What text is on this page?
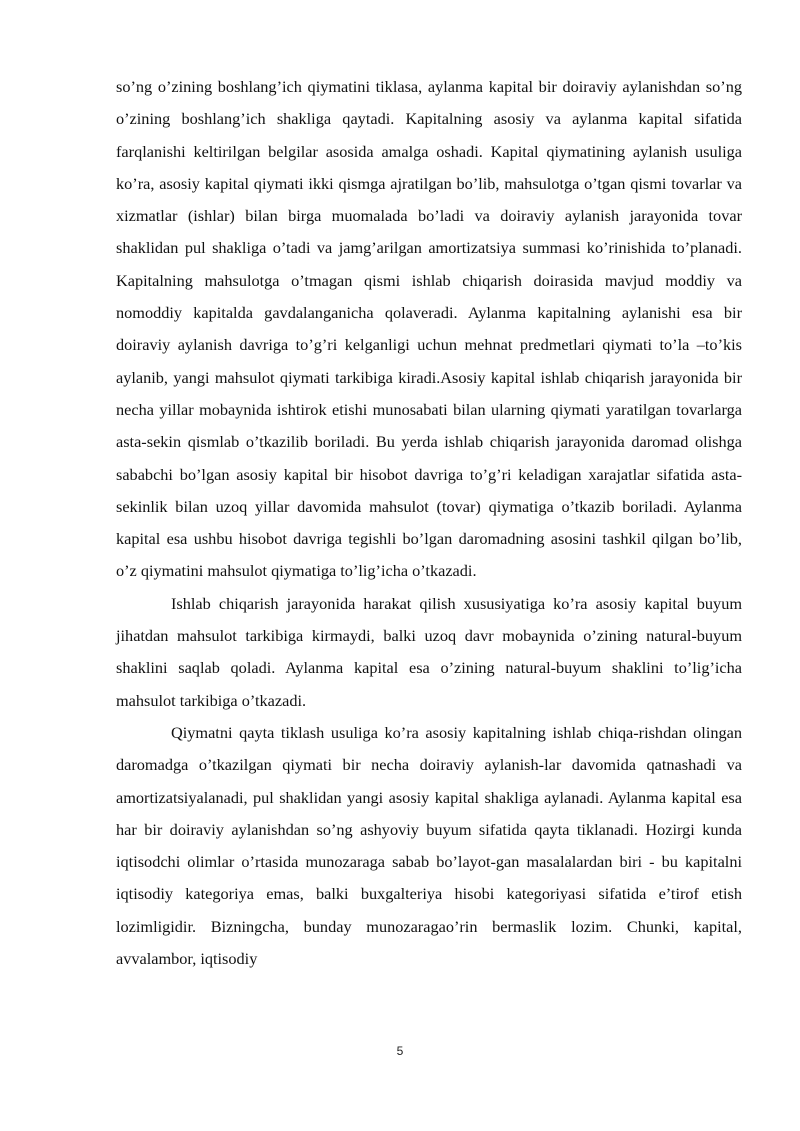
so’ng o’zining boshlang’ich qiymatini tiklasa, aylanma kapital bir doiraviy aylanishdan so’ng o’zining boshlang’ich shakliga qaytadi. Kapitalning asosiy va aylanma kapital sifatida farqlanishi keltirilgan belgilar asosida amalga oshadi. Kapital qiymatining aylanish usuliga ko’ra, asosiy kapital qiymati ikki qismga ajratilgan bo’lib, mahsulotga o’tgan qismi tovarlar va xizmatlar (ishlar) bilan birga muomalada bo’ladi va doiraviy aylanish jarayonida tovar shaklidan pul shakliga o’tadi va jamg’arilgan amortizatsiya summasi ko’rinishida to’planadi. Kapitalning mahsulotga o’tmagan qismi ishlab chiqarish doirasida mavjud moddiy va nomoddiy kapitalda gavdalanganicha qolaveradi. Aylanma kapitalning aylanishi esa bir doiraviy aylanish davriga to’g’ri kelganligi uchun mehnat predmetlari qiymati to’la –to’kis aylanib, yangi mahsulot qiymati tarkibiga kiradi.Asosiy kapital ishlab chiqarish jarayonida bir necha yillar mobaynida ishtirok etishi munosabati bilan ularning qiymati yaratilgan tovarlarga asta-sekin qismlab o’tkazilib boriladi. Bu yerda ishlab chiqarish jarayonida daromad olishga sababchi bo’lgan asosiy kapital bir hisobot davriga to’g’ri keladigan xarajatlar sifatida asta-sekinlik bilan uzoq yillar davomida mahsulot (tovar) qiymatiga o’tkazib boriladi. Aylanma kapital esa ushbu hisobot davriga tegishli bo’lgan daromadning asosini tashkil qilgan bo’lib, o’z qiymatini mahsulot qiymatiga to’lig’icha o’tkazadi.

Ishlab chiqarish jarayonida harakat qilish xususiyatiga ko’ra asosiy kapital buyum jihatdan mahsulot tarkibiga kirmaydi, balki uzoq davr mobaynida o’zining natural-buyum shaklini saqlab qoladi. Aylanma kapital esa o’zining natural-buyum shaklini to’lig’icha mahsulot tarkibiga o’tkazadi.

Qiymatni qayta tiklash usuliga ko’ra asosiy kapitalning ishlab chiqa-rishdan olingan daromadga o’tkazilgan qiymati bir necha doiraviy aylanish-lar davomida qatnashadi va amortizatsiyalanadi, pul shaklidan yangi asosiy kapital shakliga aylanadi. Aylanma kapital esa har bir doiraviy aylanishdan so’ng ashyoviy buyum sifatida qayta tiklanadi. Hozirgi kunda iqtisodchi olimlar o’rtasida munozaraga sabab bo’layot-gan masalalardan biri - bu kapitalni iqtisodiy kategoriya emas, balki buxgalteriya hisobi kategoriyasi sifatida e’tirof etish lozimligidir. Bizningcha, bunday munozaragao’rin bermaslik lozim. Chunki, kapital, avvalambor, iqtisodiy

5
